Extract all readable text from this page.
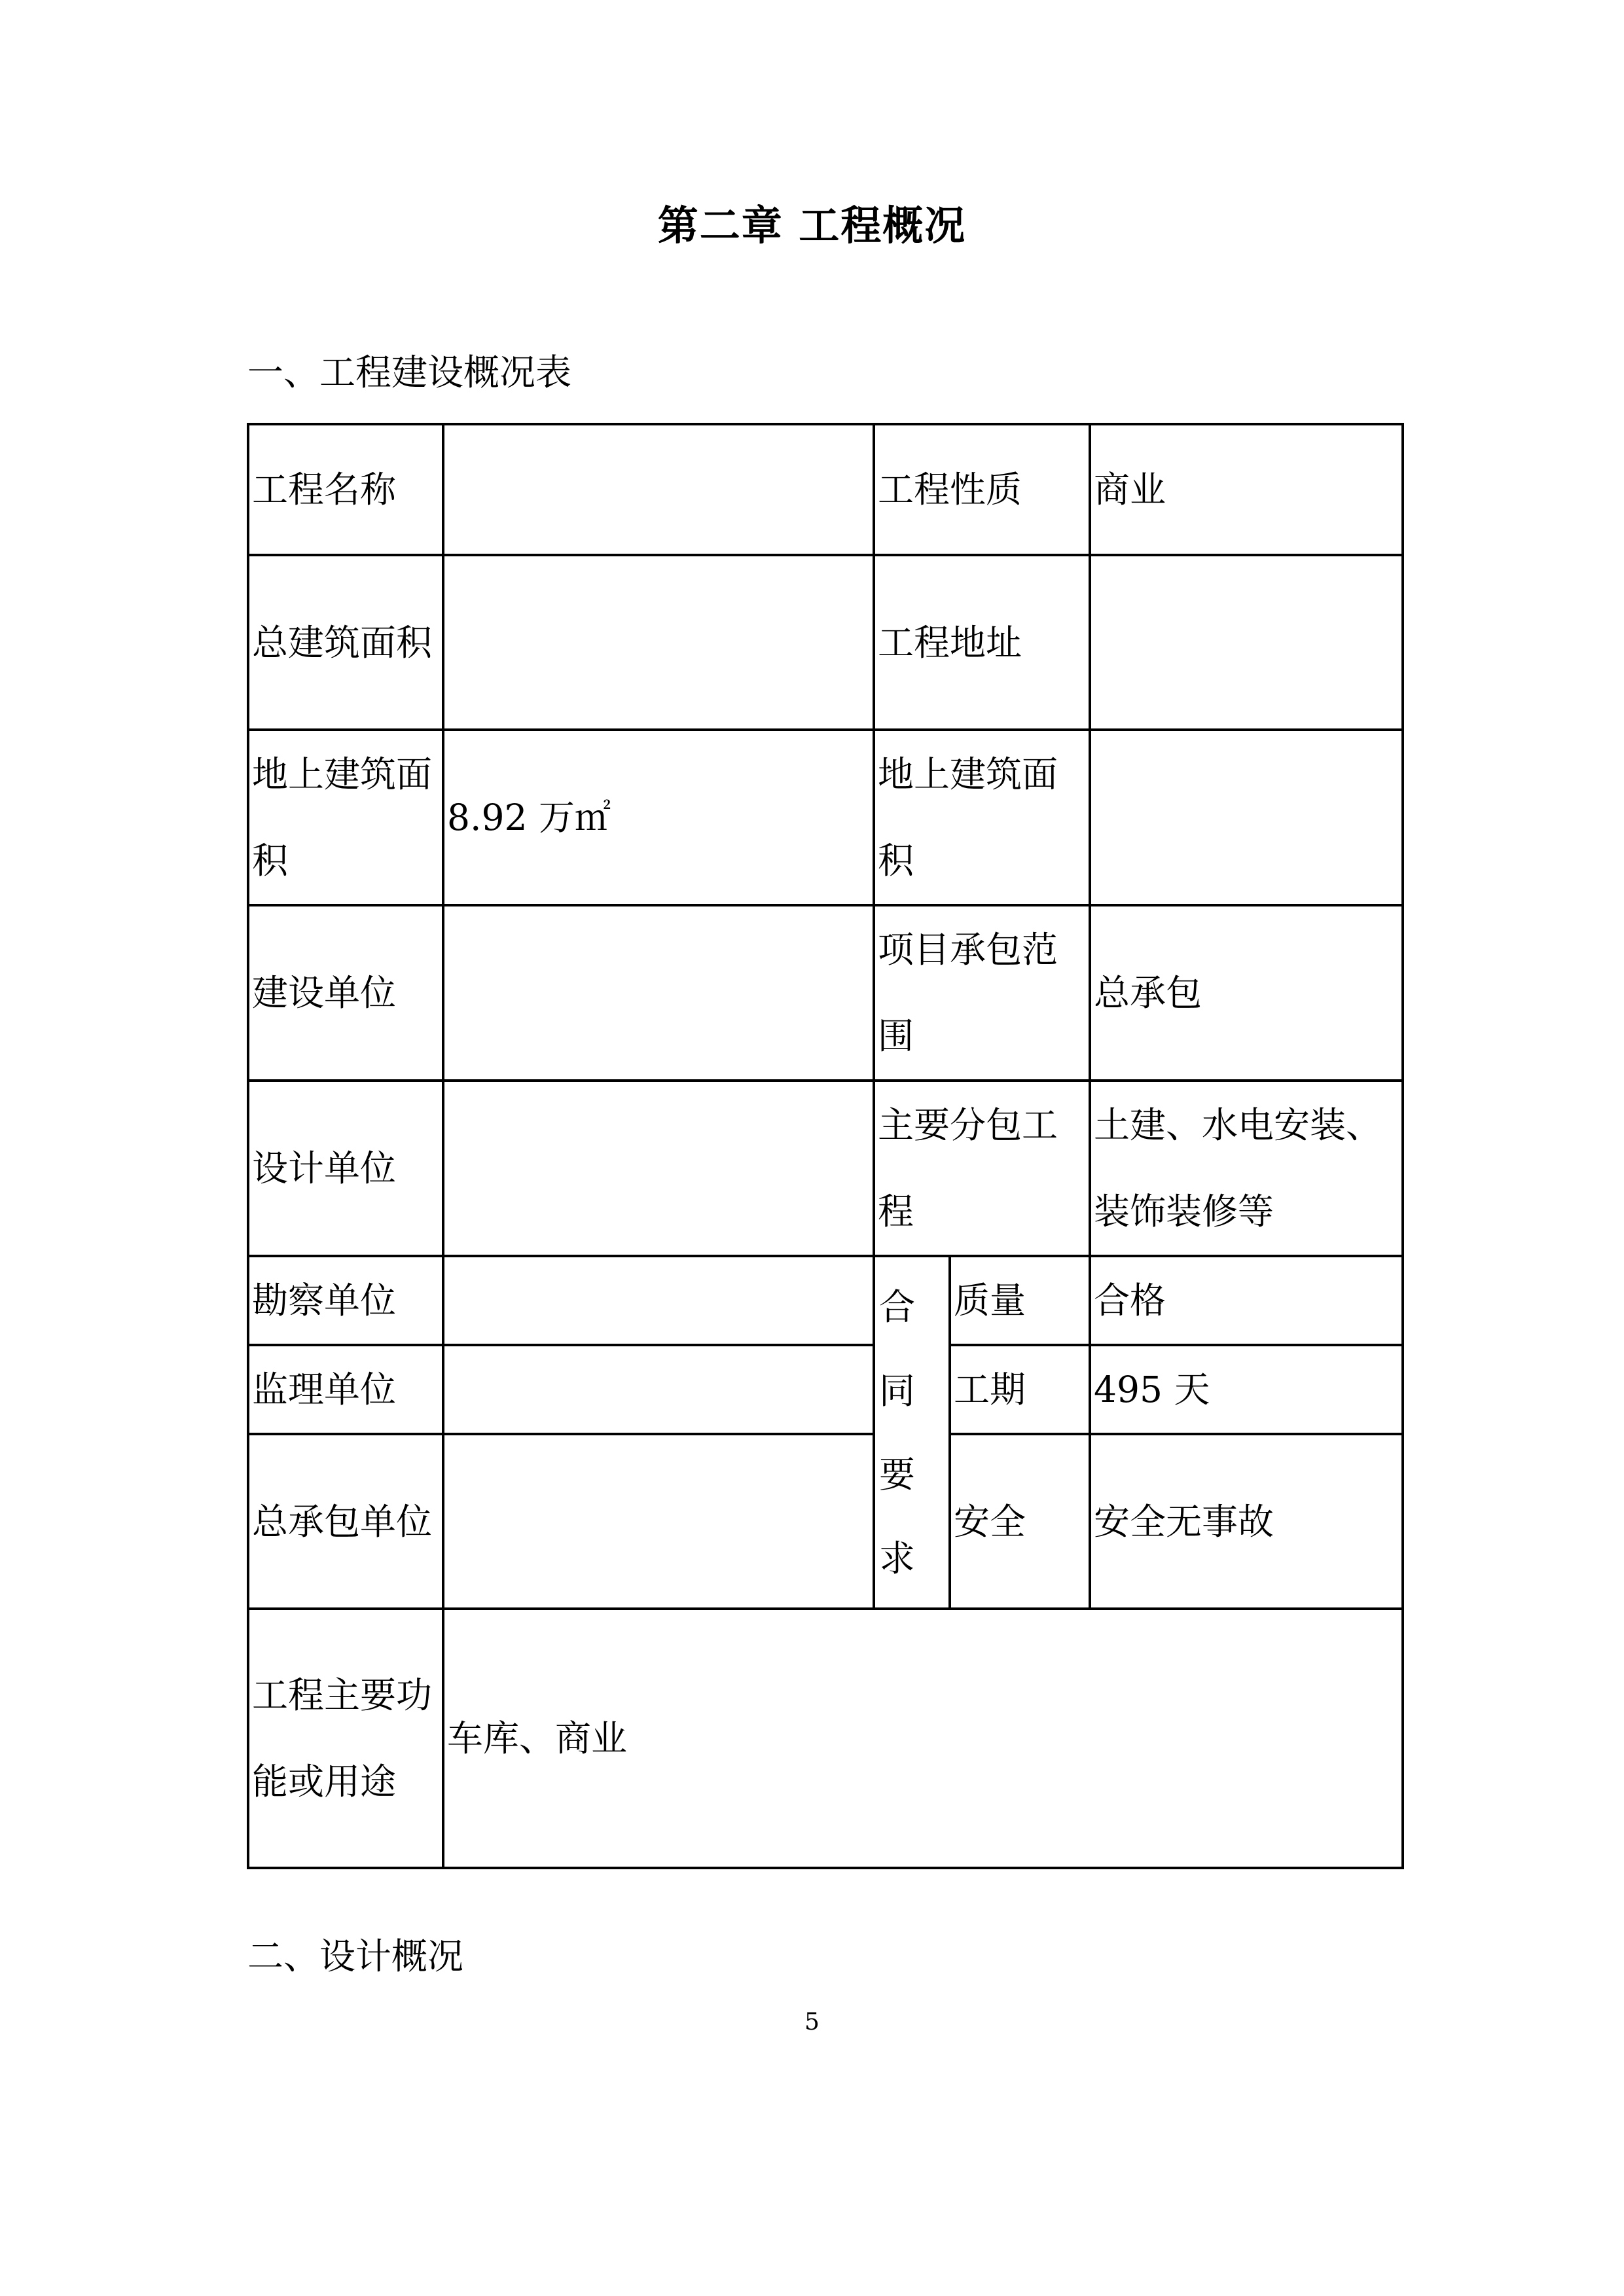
第二章 工程概况
一、工程建设概况表
工程名称		工程性质		商业
总建筑面积		工程地址		
地上建筑面积	8.92 万㎡	地上建筑面积		
建设单位		项目承包范围		总承包
设计单位		主要分包工程		土建、水电安装、装饰装修等
勘察单位		合同要求	质量	合格
监理单位			工期	495 天
总承包单位			安全	安全无事故
工程主要功能或用途	车库、商业			
二、设计概况
5
